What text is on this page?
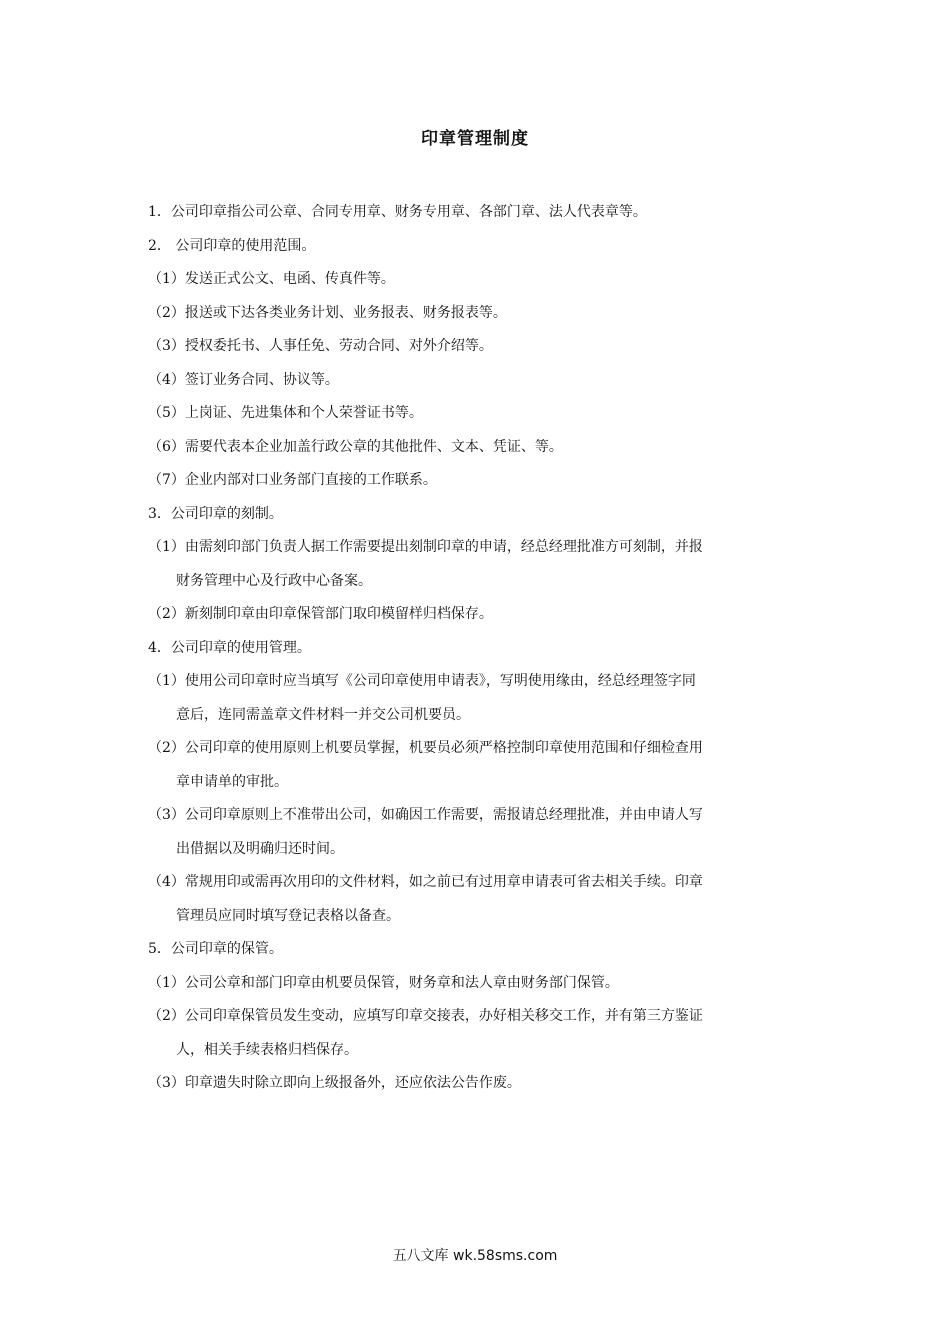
印章管理制度
1．公司印章指公司公章、合同专用章、财务专用章、各部门章、法人代表章等。
2． 公司印章的使用范围。
（1）发送正式公文、电函、传真件等。
（2）报送或下达各类业务计划、业务报表、财务报表等。
（3）授权委托书、人事任免、劳动合同、对外介绍等。
（4）签订业务合同、协议等。
（5）上岗证、先进集体和个人荣誉证书等。
（6）需要代表本企业加盖行政公章的其他批件、文本、凭证、等。
（7）企业内部对口业务部门直接的工作联系。
3．公司印章的刻制。
（1）由需刻印部门负责人据工作需要提出刻制印章的申请，经总经理批准方可刻制，并报
财务管理中心及行政中心备案。
（2）新刻制印章由印章保管部门取印模留样归档保存。
4．公司印章的使用管理。
（1）使用公司印章时应当填写《公司印章使用申请表》，写明使用缘由，经总经理签字同
意后，连同需盖章文件材料一并交公司机要员。
（2）公司印章的使用原则上机要员掌握，机要员必须严格控制印章使用范围和仔细检查用
章申请单的审批。
（3）公司印章原则上不准带出公司，如确因工作需要，需报请总经理批准，并由申请人写
出借据以及明确归还时间。
（4）常规用印或需再次用印的文件材料，如之前已有过用章申请表可省去相关手续。印章
管理员应同时填写登记表格以备查。
5．公司印章的保管。
（1）公司公章和部门印章由机要员保管，财务章和法人章由财务部门保管。
（2）公司印章保管员发生变动，应填写印章交接表，办好相关移交工作，并有第三方鉴证
人，相关手续表格归档保存。
（3）印章遗失时除立即向上级报备外，还应依法公告作废。
五八文库 wk.58sms.com
